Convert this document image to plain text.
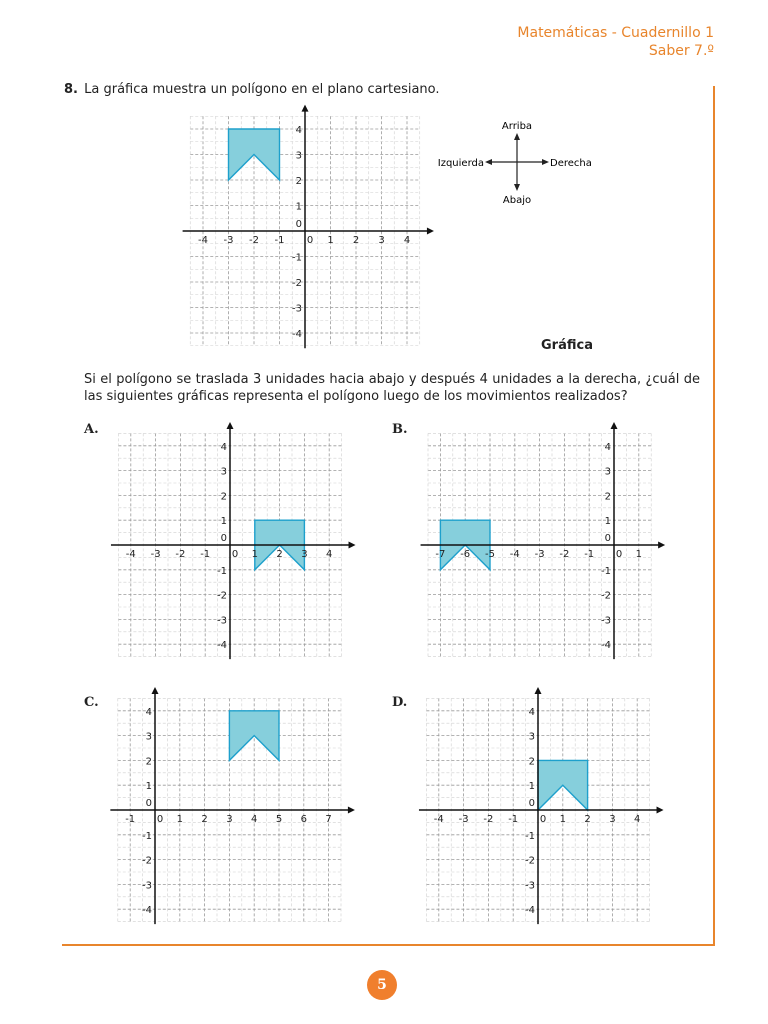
Matemáticas - Cuadernillo 1
Saber 7.º
8. La gráfica muestra un polígono en el plano cartesiano.
-4 -3 -2 -1 0 1 2 3 4
-4
-3
-2
-1
0
1
2
3
4	Arriba
Abajo
Izquierda	Derecha
Gráfica
Si el polígono se traslada 3 unidades hacia abajo y después 4 unidades a la derecha, ¿cuál de las siguientes gráficas representa el polígono luego de los movimientos realizados?
A.	B.
C.	D.
-4 -3 -2 -1 0 1 2 3 4
-4
-3
-2
-1
0
1
2
3
4
-7 -6 -5 -4 -3 -2 -1 0 1
-4
-3
-2
-1
0
1
2
3
4
-1 0 1 2 3 4 5 6 7
-4
-3
-2
-1
0
1
2
3
4
-4 -3 -2 -1 0 1 2 3 4
-4
-3
-2
-1
0
1
2
3
4
5
